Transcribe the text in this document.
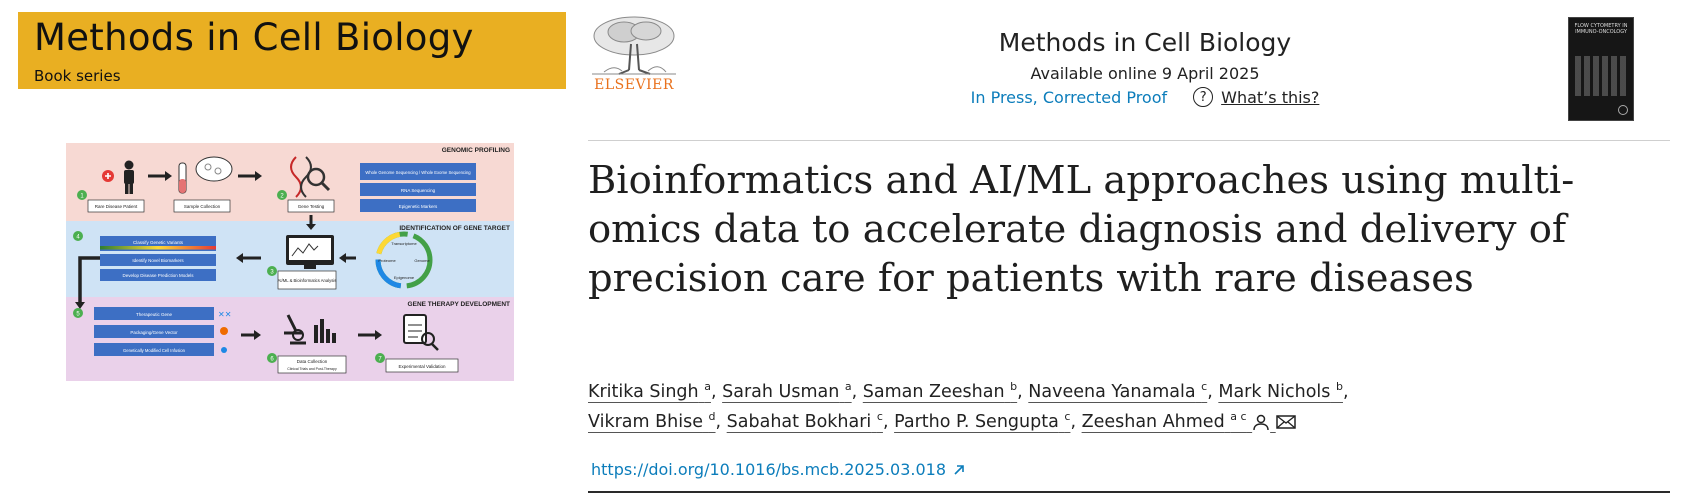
Methods in Cell Biology
Book series	ELSEVIER
Methods in Cell Biology
Available online 9 April 2025
In Press, Corrected Proof	? What’s this?
FLOW CYTOMETRY IN IMMUNO-ONCOLOGY
GENOMIC PROFILING
IDENTIFICATION OF GENE TARGET
GENE THERAPY DEVELOPMENT
Whole Genome Sequencing / Whole Exome Sequencing
RNA Sequencing
Epigenetic Markers
1
Rare Disease Patient	Sample Collection
2
Gene Testing
4
Classify Genetic Variants
Identify Novel Biomarkers
Develop Disease Prediction Models	3
AI/ML & Bioinformatics Analysis
Transcriptome
Genome
Epigenome
Proteome
5	Therapeutic Gene
Packaging/Gene Vector
Genetically Modified Cell Infusion
✕✕
6	Data Collection
Clinical Trials and Post-Therapy
7
Experimental Validation
Bioinformatics and AI/ML approaches using multi-omics data to accelerate diagnosis and delivery of precision care for patients with rare diseases
Kritika Singh $^a$, Sarah Usman $^a$, Saman Zeeshan $^b$, Naveena Yanamala $^c$, Mark Nichols $^b$,
Vikram Bhise $^d$, Sabahat Bokhari $^c$, Partho P. Sengupta $^c$, Zeeshan Ahmed $^{a c}$
https://doi.org/10.1016/bs.mcb.2025.03.018
